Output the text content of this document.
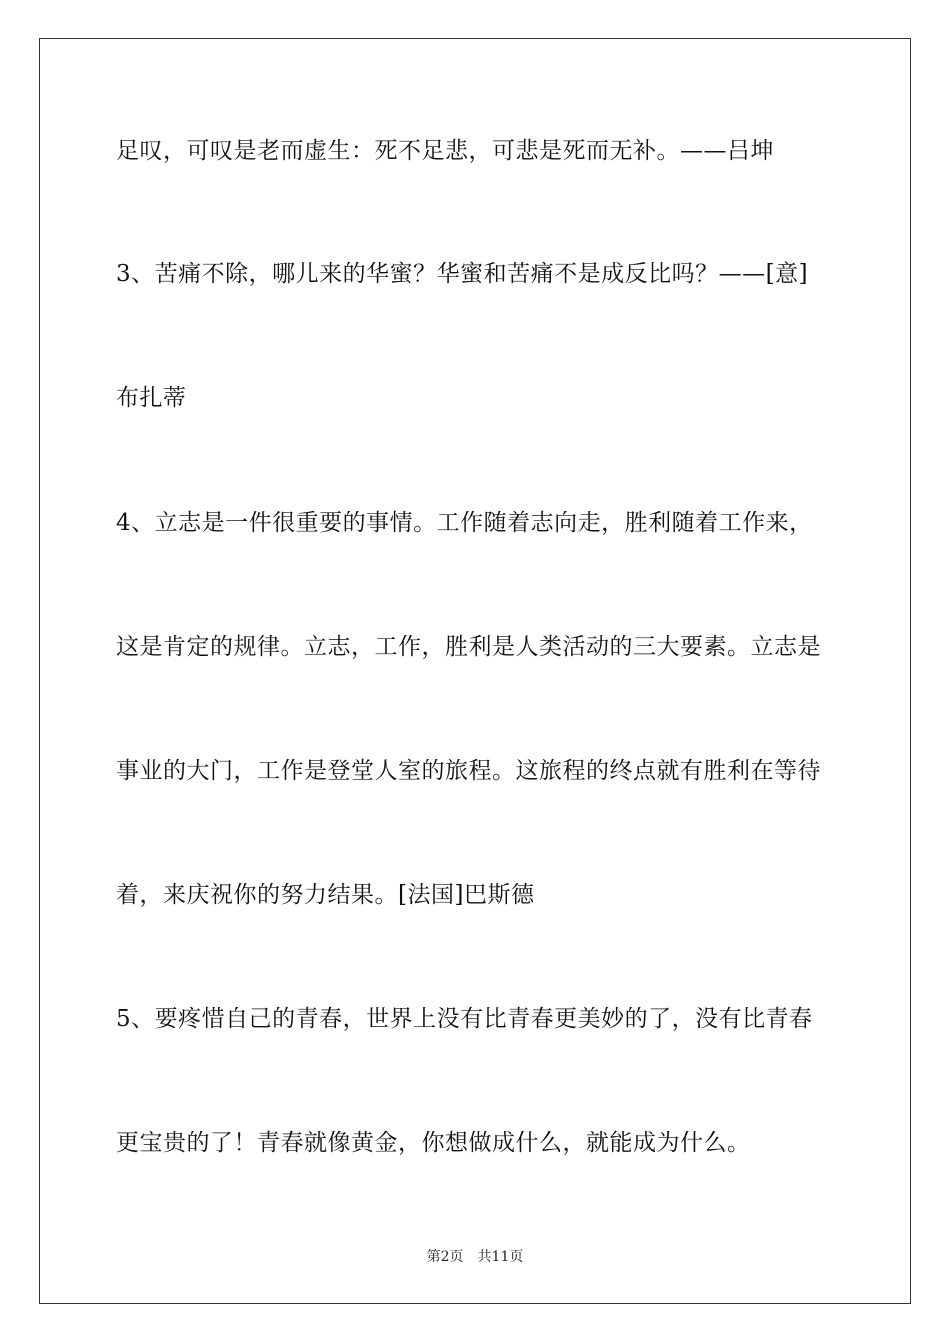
足叹，可叹是老而虚生：死不足悲，可悲是死而无补。——吕坤
3、苦痛不除，哪儿来的华蜜？华蜜和苦痛不是成反比吗？——[意]
布扎蒂
4、立志是一件很重要的事情。工作随着志向走，胜利随着工作来，
这是肯定的规律。立志，工作，胜利是人类活动的三大要素。立志是
事业的大门，工作是登堂人室的旅程。这旅程的终点就有胜利在等待
着，来庆祝你的努力结果。[法国]巴斯德
5、要疼惜自己的青春，世界上没有比青春更美妙的了，没有比青春
更宝贵的了！青春就像黄金，你想做成什么，就能成为什么。
第2页 共11页
